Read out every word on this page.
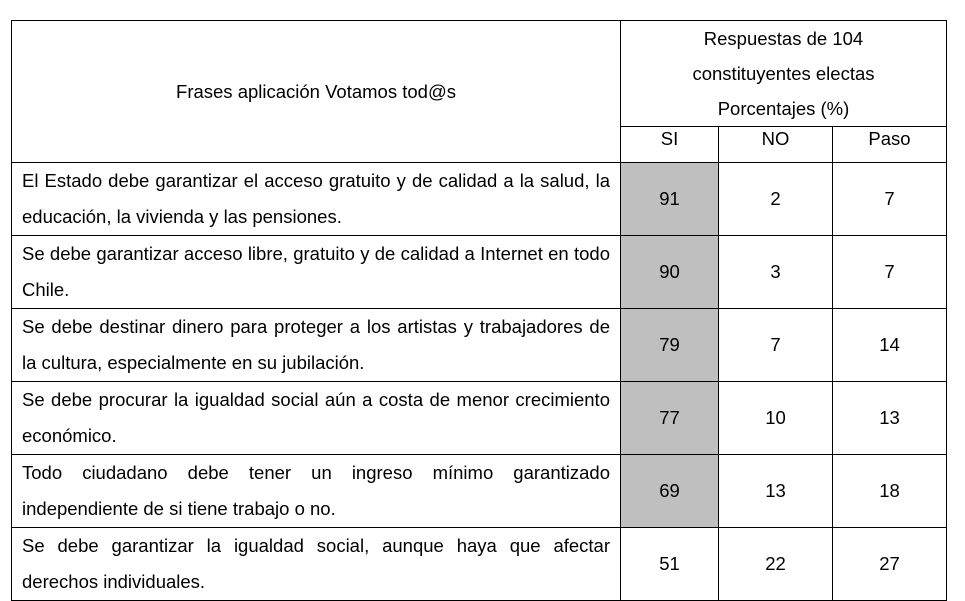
Frases aplicación Votamos tod@s	Respuestas de 104
constituyentes electas
Porcentajes (%)		

	SI	NO	Paso
El Estado debe garantizar el acceso gratuito y de calidad a la salud, la educación, la vivienda y las pensiones.	91	2	7
Se debe garantizar acceso libre, gratuito y de calidad a Internet en todo Chile.	90	3	7
Se debe destinar dinero para proteger a los artistas y trabajadores de la cultura, especialmente en su jubilación.	79	7	14
Se debe procurar la igualdad social aún a costa de menor crecimiento económico.	77	10	13
Todo ciudadano debe tener un ingreso mínimo garantizado independiente de si tiene trabajo o no.	69	13	18
Se debe garantizar la igualdad social, aunque haya que afectar derechos individuales.	51	22	27
